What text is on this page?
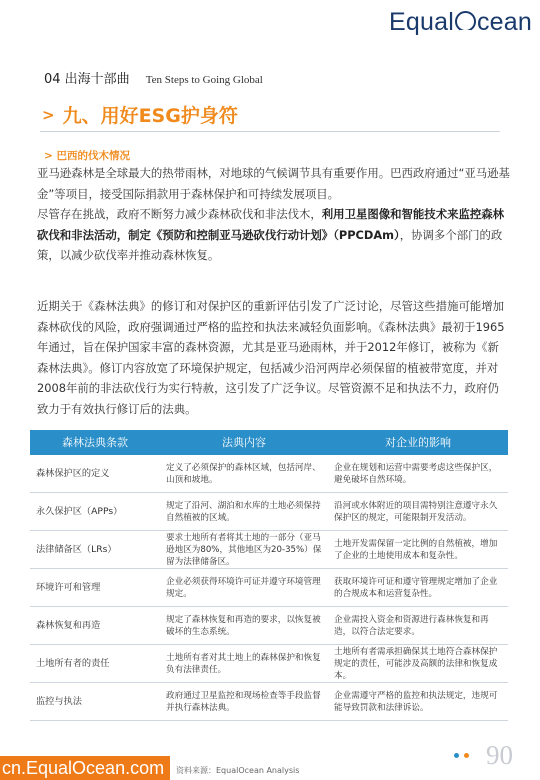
Equal cean
04 出海十部曲 Ten Steps to Going Global
> 九、用好ESG护身符
> 巴西的伐木情况
亚马逊森林是全球最大的热带雨林，对地球的气候调节具有重要作用。巴西政府通过“亚马逊基金”等项目，接受国际捐款用于森林保护和可持续发展项目。
尽管存在挑战，政府不断努力减少森林砍伐和非法伐木，利用卫星图像和智能技术来监控森林砍伐和非法活动，制定《预防和控制亚马逊砍伐行动计划》（PPCDAm），协调多个部门的政策，以减少砍伐率并推动森林恢复。
近期关于《森林法典》的修订和对保护区的重新评估引发了广泛讨论，尽管这些措施可能增加森林砍伐的风险，政府强调通过严格的监控和执法来减轻负面影响。《森林法典》最初于1965年通过，旨在保护国家丰富的森林资源，尤其是亚马逊雨林，并于2012年修订，被称为《新森林法典》。修订内容放宽了环境保护规定，包括减少沿河两岸必须保留的植被带宽度，并对2008年前的非法砍伐行为实行特赦，这引发了广泛争议。尽管资源不足和执法不力，政府仍致力于有效执行修订后的法典。
森林法典条款	法典内容	对企业的影响
森林保护区的定义	定义了必须保护的森林区域，包括河岸、山顶和坡地。	企业在规划和运营中需要考虑这些保护区，避免破坏自然环境。
永久保护区（APPs）	规定了沿河、湖泊和水库的土地必须保持自然植被的区域。	沿河或水体附近的项目需特别注意遵守永久保护区的规定，可能限制开发活动。
法律储备区（LRs）	要求土地所有者将其土地的一部分（亚马逊地区为80%，其他地区为20-35%）保留为法律储备区。	土地开发需保留一定比例的自然植被，增加了企业的土地使用成本和复杂性。
环境许可和管理	企业必须获得环境许可证并遵守环境管理规定。	获取环境许可证和遵守管理规定增加了企业的合规成本和运营复杂性。
森林恢复和再造	规定了森林恢复和再造的要求，以恢复被破坏的生态系统。	企业需投入资金和资源进行森林恢复和再造，以符合法定要求。
土地所有者的责任	土地所有者对其土地上的森林保护和恢复负有法律责任。	土地所有者需承担确保其土地符合森林保护规定的责任，可能涉及高额的法律和恢复成本。
监控与执法	政府通过卫星监控和现场检查等手段监督并执行森林法典。	企业需遵守严格的监控和执法规定，违规可能导致罚款和法律诉讼。
cn.EqualOcean.com	资料来源：EqualOcean Analysis
90
